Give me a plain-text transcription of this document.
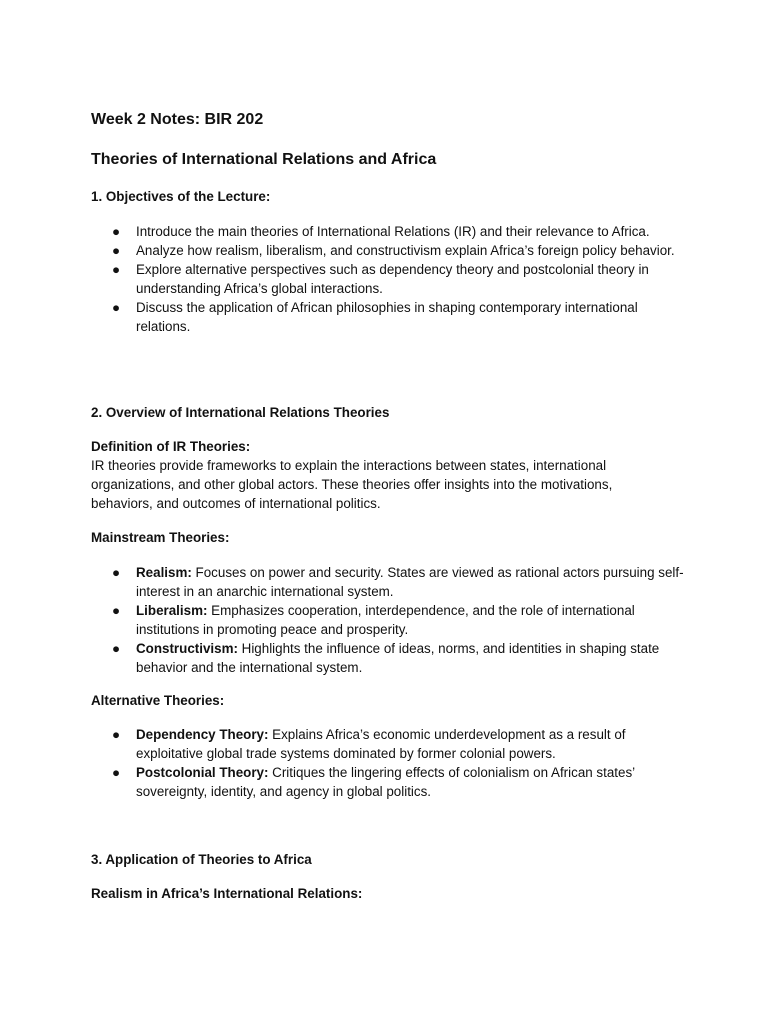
Week 2 Notes: BIR 202
Theories of International Relations and Africa
1. Objectives of the Lecture:
● Introduce the main theories of International Relations (IR) and their relevance to Africa.
● Analyze how realism, liberalism, and constructivism explain Africa’s foreign policy behavior.
● Explore alternative perspectives such as dependency theory and postcolonial theory in understanding Africa’s global interactions.
● Discuss the application of African philosophies in shaping contemporary international relations.
2. Overview of International Relations Theories
Definition of IR Theories:

IR theories provide frameworks to explain the interactions between states, international organizations, and other global actors. These theories offer insights into the motivations, behaviors, and outcomes of international politics.

Mainstream Theories:
● Realism: Focuses on power and security. States are viewed as rational actors pursuing self-interest in an anarchic international system.
● Liberalism: Emphasizes cooperation, interdependence, and the role of international institutions in promoting peace and prosperity.
● Constructivism: Highlights the influence of ideas, norms, and identities in shaping state behavior and the international system.
Alternative Theories:
● Dependency Theory: Explains Africa’s economic underdevelopment as a result of exploitative global trade systems dominated by former colonial powers.
● Postcolonial Theory: Critiques the lingering effects of colonialism on African states’ sovereignty, identity, and agency in global politics.
3. Application of Theories to Africa
Realism in Africa’s International Relations:
